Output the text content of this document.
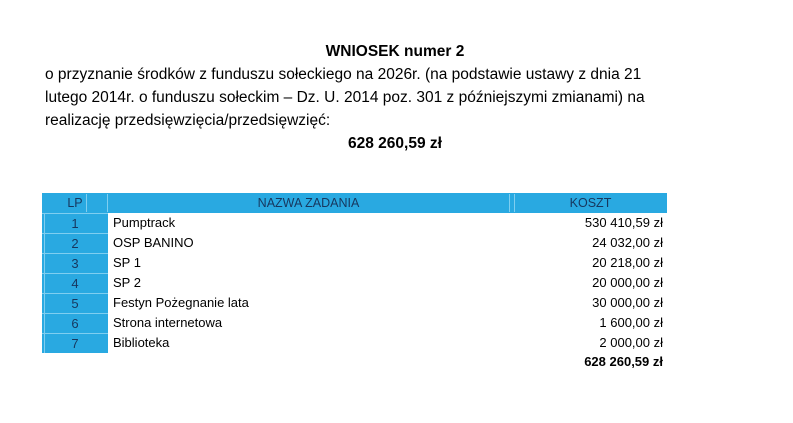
WNIOSEK numer 2
o przyznanie środków z funduszu sołeckiego na 2026r. (na podstawie ustawy z dnia 21
lutego 2014r. o funduszu sołeckim – Dz. U. 2014 poz. 301 z późniejszymi zmianami) na
realizację przedsięwzięcia/przedsięwzięć:
628 260,59 zł
LP	NAZWA ZADANIA	KOSZT
1	Pumptrack	530 410,59 zł
2	OSP BANINO	24 032,00 zł
3	SP 1	20 218,00 zł
4	SP 2	20 000,00 zł
5	Festyn Pożegnanie lata	30 000,00 zł
6	Strona internetowa	1 600,00 zł
7	Biblioteka	2 000,00 zł
628 260,59 zł
